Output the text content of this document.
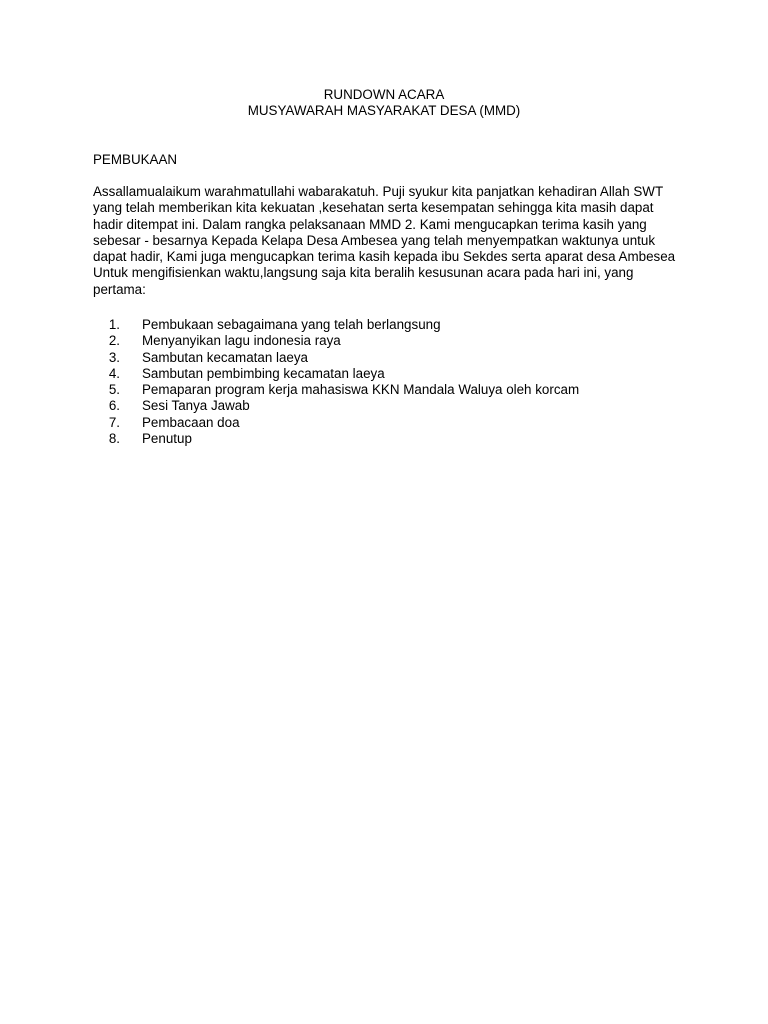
RUNDOWN ACARA
MUSYAWARAH MASYARAKAT DESA (MMD)
PEMBUKAAN
Assallamualaikum warahmatullahi wabarakatuh. Puji syukur kita panjatkan kehadiran Allah SWT
yang telah memberikan kita kekuatan ,kesehatan serta kesempatan sehingga kita masih dapat
hadir ditempat ini. Dalam rangka pelaksanaan MMD 2. Kami mengucapkan terima kasih yang
sebesar - besarnya Kepada Kelapa Desa Ambesea yang telah menyempatkan waktunya untuk
dapat hadir, Kami juga mengucapkan terima kasih kepada ibu Sekdes serta aparat desa Ambesea
Untuk mengifisienkan waktu,langsung saja kita beralih kesusunan acara pada hari ini, yang
pertama:
1. Pembukaan sebagaimana yang telah berlangsung
2. Menyanyikan lagu indonesia raya
3. Sambutan kecamatan laeya
4. Sambutan pembimbing kecamatan laeya
5. Pemaparan program kerja mahasiswa KKN Mandala Waluya oleh korcam
6. Sesi Tanya Jawab
7. Pembacaan doa
8. Penutup
